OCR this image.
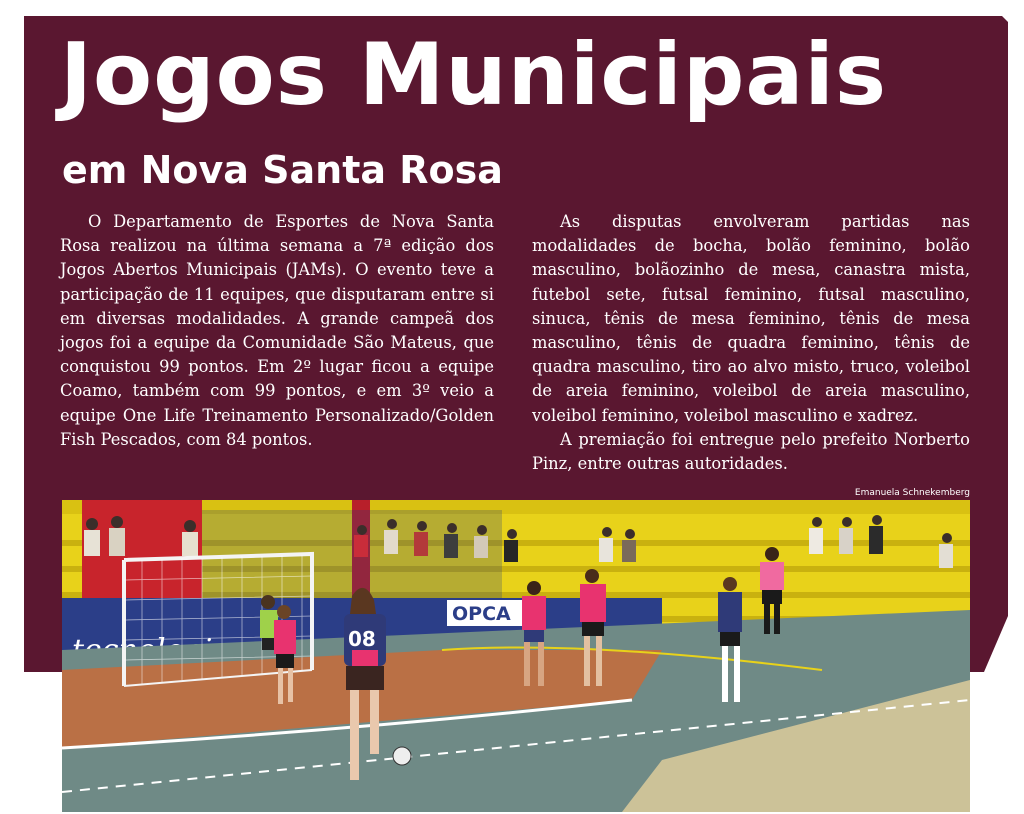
Jogos Municipais
em Nova Santa Rosa

O Departamento de Esportes de Nova Santa Rosa realizou na última semana a 7ª edição dos Jogos Abertos Municipais (JAMs). O evento teve a participação de 11 equipes, que disputaram entre si em diversas modalidades. A grande campeã dos jogos foi a equipe da Comunidade São Mateus, que conquistou 99 pontos. Em 2º lugar ficou a equipe Coamo, também com 99 pontos, e em 3º veio a equipe One Life Treinamento Personalizado/Golden Fish Pescados, com 84 pontos.

As disputas envolveram partidas nas modalidades de bocha, bolão feminino, bolão masculino, bolãozinho de mesa, canastra mista, futebol sete, futsal feminino, futsal masculino, sinuca, tênis de mesa feminino, tênis de mesa masculino, tênis de quadra feminino, tênis de quadra masculino, tiro ao alvo misto, truco, voleibol de areia feminino, voleibol de areia masculino, voleibol feminino, voleibol masculino e xadrez.

A premiação foi entregue pelo prefeito Norberto Pinz, entre outras autoridades.

Emanuela Schnekemberg
OPCA
08
